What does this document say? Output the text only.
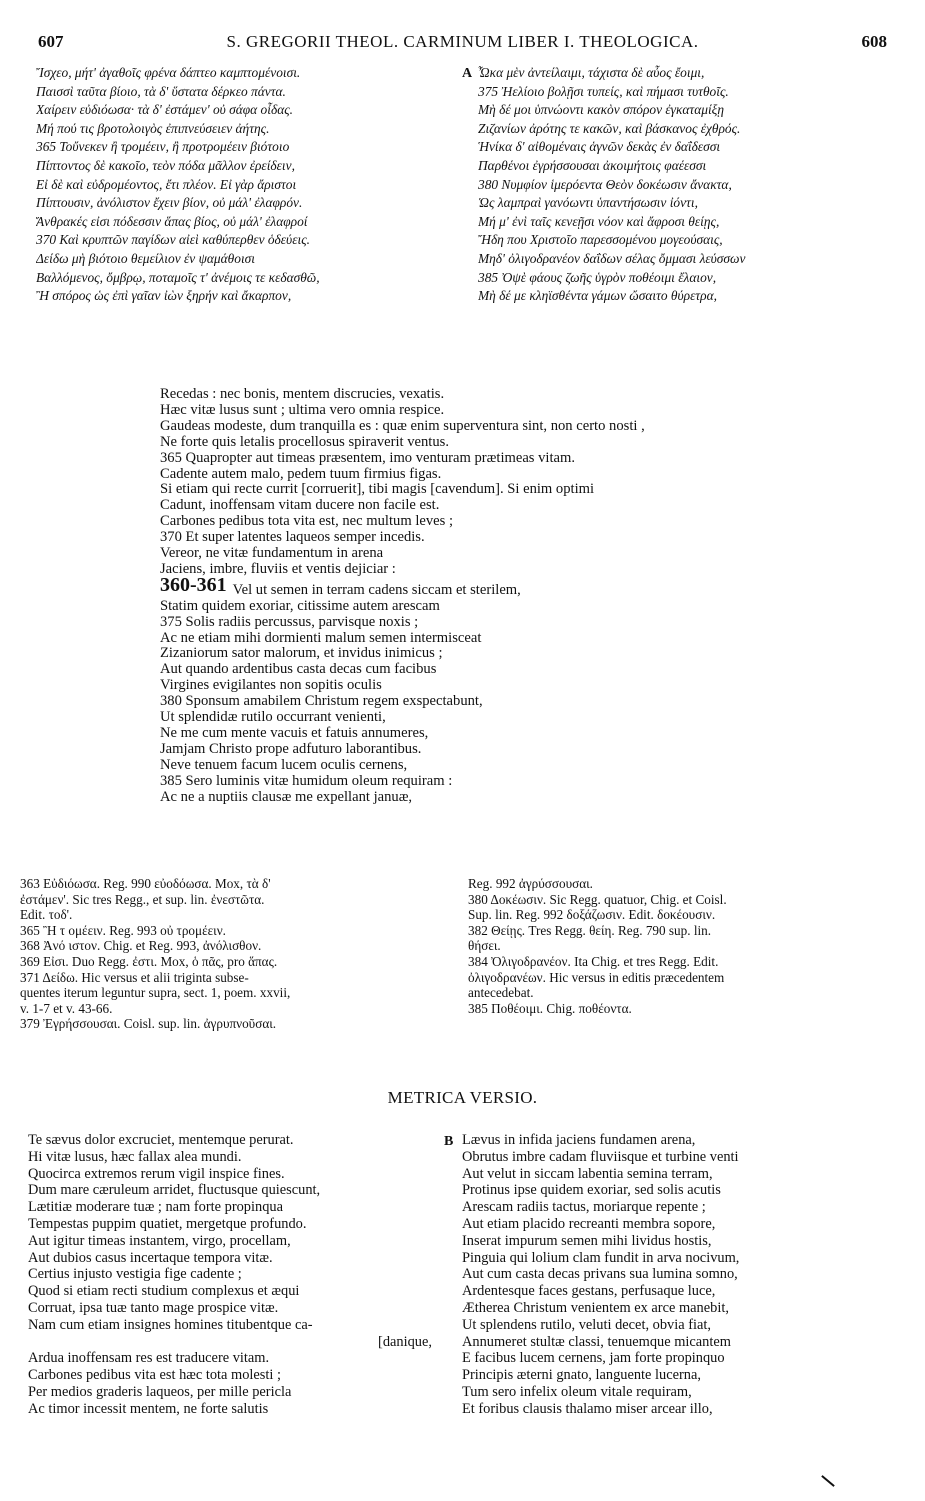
607	S. GREGORII THEOL. CARMINUM LIBER I. THEOLOGICA.	608
Ἴσχεο, μήτ' ἀγαθοῖς φρένα δάπτεο καμπτομένοισι.
Παισσὶ ταῦτα βίοιο, τὰ δ' ὕστατα δέρκεο πάντα.
Χαίρειν εὐδιόωσα· τὰ δ' ἐστάμεν' οὐ σάφα οἶδας.
Μή πού τις βροτολοιγὸς ἐπιπνεύσειεν ἀήτης.
365 Τοὔνεκεν ἢ τρομέειν, ἢ προτρομέειν βιότοιο
Πίπτοντος δὲ κακοῖο, τεὸν πόδα μᾶλλον ἐρείδειν,
Εἰ δὲ καὶ εὐδρομέοντος, ἔτι πλέον. Εἰ γὰρ ἄριστοι
Πίπτουσιν, ἀνόλιστον ἔχειν βίον, οὐ μάλ' ἐλαφρόν.
Ἄνθρακές εἰσι πόδεσσιν ἅπας βίος, οὐ μάλ' ἐλαφροί
370 Καὶ κρυπτῶν παγίδων αἰεὶ καθύπερθεν ὁδεύεις.
Δείδω μὴ βιότοιο θεμείλιον ἐν ψαμάθοισι
Βαλλόμενος, ὄμβρῳ, ποταμοῖς τ' ἀνέμοις τε κεδασθῶ,
Ἢ σπόρος ὡς ἐπὶ γαῖαν ἰὼν ξηρήν καὶ ἄκαρπον,
A Ὦκα μὲν ἀντείλαιμι, τάχιστα δὲ αὖος ἔοιμι,
375 Ἠελίοιο βολῇσι τυπείς, καὶ πήμασι τυτθοῖς.
Μὴ δέ μοι ὑπνώοντι κακὸν σπόρον ἐγκαταμίξῃ
Ζιζανίων ἀρότης τε κακῶν, καὶ βάσκανος ἐχθρός.
Ἡνίκα δ' αἰθομέναις ἁγνῶν δεκὰς ἐν δαΐδεσσι
Παρθένοι ἐγρήσσουσαι ἀκοιμήτοις φαέεσσι
380 Νυμφίον ἱμερόεντα Θεὸν δοκέωσιν ἄνακτα,
Ὡς λαμπραὶ γανόωντι ὑπαντήσωσιν ἰόντι,
Μή μ' ἐνὶ ταῖς κενεῇσι νόον καὶ ἄφροσι θείῃς,
Ἤδη που Χριστοῖο παρεσσομένου μογεούσαις,
Μηδ' ὀλιγοδρανέον δαΐδων σέλας ὄμμασι λεύσσων
385 Ὀψὲ φάους ζωῆς ὑγρὸν ποθέοιμι ἔλαιον,
Μὴ δέ με κληϊσθέντα γάμων ὤσαιτο θύρετρα,
Recedas : nec bonis, mentem discrucies, vexatis.
Hæc vitæ lusus sunt ; ultima vero omnia respice.
Gaudeas modeste, dum tranquilla es : quæ enim superventura sint, non certo nosti ,
Ne forte quis letalis procellosus spiraverit ventus.
365 Quapropter aut timeas præsentem, imo venturam prætimeas vitam.
Cadente autem malo, pedem tuum firmius figas.
Si etiam qui recte currit [corruerit], tibi magis [cavendum]. Si enim optimi
Cadunt, inoffensam vitam ducere non facile est.
Carbones pedibus tota vita est, nec multum leves ;
370 Et super latentes laqueos semper incedis.
Vereor, ne vitæ fundamentum in arena
Jaciens, imbre, fluviis et ventis dejiciar :
360-361 Vel ut semen in terram cadens siccam et sterilem,
Statim quidem exoriar, citissime autem arescam
375 Solis radiis percussus, parvisque noxis ;
Ac ne etiam mihi dormienti malum semen intermisceat
Zizaniorum sator malorum, et invidus inimicus ;
Aut quando ardentibus casta decas cum facibus
Virgines evigilantes non sopitis oculis
380 Sponsum amabilem Christum regem exspectabunt,
Ut splendidæ rutilo occurrant venienti,
Ne me cum mente vacuis et fatuis annumeres,
Jamjam Christo prope adfuturo laborantibus.
Neve tenuem facum lucem oculis cernens,
385 Sero luminis vitæ humidum oleum requiram :
Ac ne a nuptiis clausæ me expellant januæ,
363 Εὐδιόωσα. Reg. 990 εὐοδόωσα. Mox, τὰ δ'
ἐστάμεν'. Sic tres Regg., et sup. lin. ἐνεστῶτα.
Edit. τοδ'.
365 Ἢ τ ομέειν. Reg. 993 οὐ τρομέειν.
368 Ἀνό ιστον. Chig. et Reg. 993, ἀνόλισθον.
369 Εἰσι. Duo Regg. ἐστι. Mox, ὁ πᾶς, pro ἅπας.
371 Δείδω. Hic versus et alii triginta subse-
quentes iterum leguntur supra, sect. 1, poem. xxvii,
v. 1-7 et v. 43-66.
379 Ἐγρήσσουσαι. Coisl. sup. lin. ἀγρυπνοῦσαι.
Reg. 992 ἀγρύσσουσαι.
380 Δοκέωσιν. Sic Regg. quatuor, Chig. et Coisl.
Sup. lin. Reg. 992 δοξάζωσιν. Edit. δοκέουσιν.
382 Θείῃς. Tres Regg. θείη. Reg. 790 sup. lin.
θήσει.
384 Ὀλιγοδρανέον. Ita Chig. et tres Regg. Edit.
ὀλιγοδρανέων. Hic versus in editis præcedentem
antecedebat.
385 Ποθέοιμι. Chig. ποθέοντα.
METRICA VERSIO.
Te sævus dolor excruciet, mentemque perurat.
Hi vitæ lusus, hæc fallax alea mundi.
Quocirca extremos rerum vigil inspice fines.
Dum mare cæruleum arridet, fluctusque quiescunt,
Lætitiæ moderare tuæ ; nam forte propinqua
Tempestas puppim quatiet, mergetque profundo.
Aut igitur timeas instantem, virgo, procellam,
Aut dubios casus incertaque tempora vitæ.
Certius injusto vestigia fige cadente ;
Quod si etiam recti studium complexus et æqui
Corruat, ipsa tuæ tanto mage prospice vitæ.
Nam cum etiam insignes homines titubentque ca-
[danique,
Ardua inoffensam res est traducere vitam.
Carbones pedibus vita est hæc tota molesti ;
Per medios graderis laqueos, per mille pericla
Ac timor incessit mentem, ne forte salutis
B Lævus in infida jaciens fundamen arena,
Obrutus imbre cadam fluviisque et turbine venti
Aut velut in siccam labentia semina terram,
Protinus ipse quidem exoriar, sed solis acutis
Arescam radiis tactus, moriarque repente ;
Aut etiam placido recreanti membra sopore,
Inserat impurum semen mihi lividus hostis,
Pinguia qui lolium clam fundit in arva nocivum,
Aut cum casta decas privans sua lumina somno,
Ardentesque faces gestans, perfusaque luce,
Ætherea Christum venientem ex arce manebit,
Ut splendens rutilo, veluti decet, obvia fiat,
Annumeret stultæ classi, tenuemque micantem
E facibus lucem cernens, jam forte propinquo
Principis æterni gnato, languente lucerna,
Tum sero infelix oleum vitale requiram,
Et foribus clausis thalamo miser arcear illo,
